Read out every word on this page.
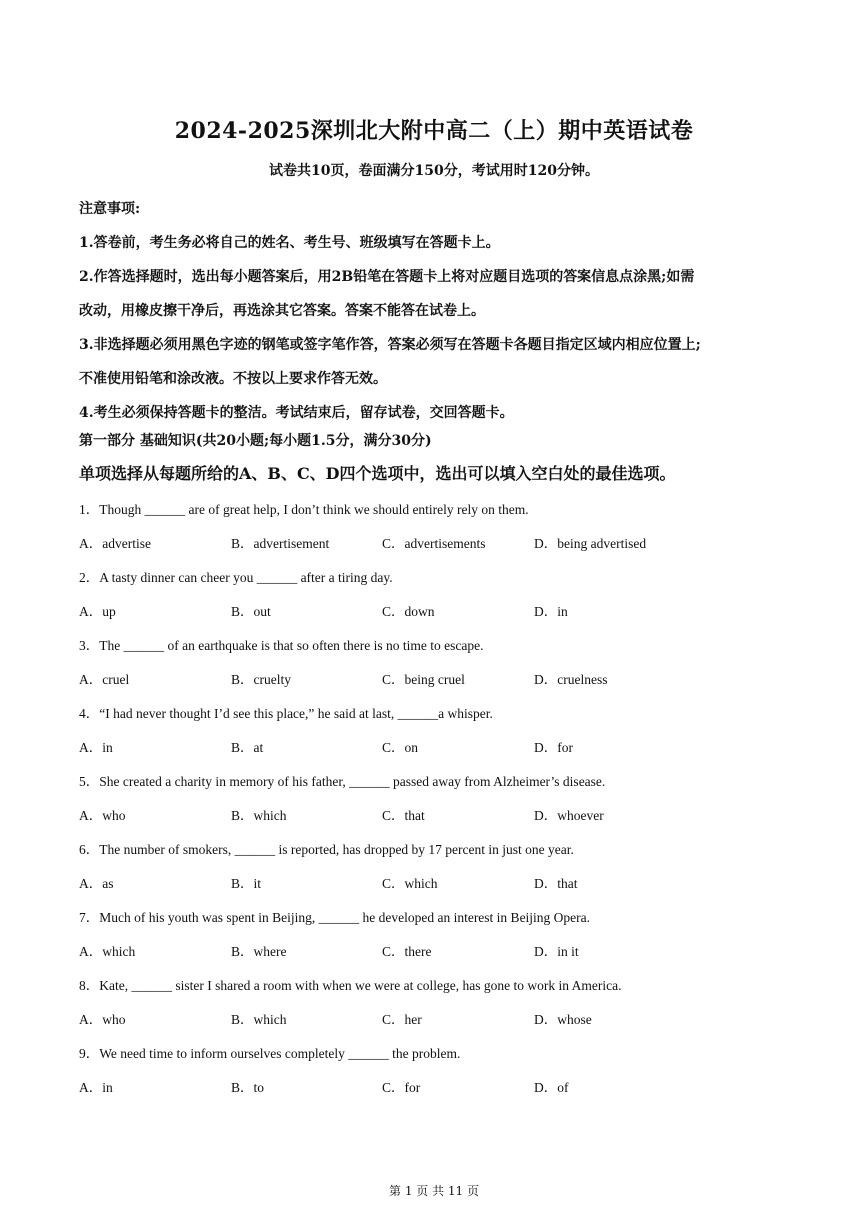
2024-2025深圳北大附中高二（上）期中英语试卷
试卷共10页，卷面满分150分，考试用时120分钟。

注意事项:

1.答卷前，考生务必将自己的姓名、考生号、班级填写在答题卡上。

2.作答选择题时，选出每小题答案后，用2B铅笔在答题卡上将对应题目选项的答案信息点涂黑;如需

改动，用橡皮擦干净后，再选涂其它答案。答案不能答在试卷上。

3.非选择题必须用黑色字迹的钢笔或签字笔作答，答案必须写在答题卡各题目指定区域内相应位置上;

不准使用铅笔和涂改液。不按以上要求作答无效。

4.考生必须保持答题卡的整洁。考试结束后，留存试卷，交回答题卡。

第一部分 基础知识(共20小题;每小题1.5分，满分30分)
单项选择从每题所给的A、B、C、D四个选项中，选出可以填入空白处的最佳选项。
1．Though ______ are of great help, I don’t think we should entirely rely on them.
A．advertise	B．advertisement	C．advertisements	D．being advertised
2．A tasty dinner can cheer you ______ after a tiring day.
A．up	B．out	C．down	D．in
3．The ______ of an earthquake is that so often there is no time to escape.
A．cruel	B．cruelty	C．being cruel	D．cruelness
4．“I had never thought I’d see this place,” he said at last, ______a whisper.
A．in	B．at	C．on	D．for
5．She created a charity in memory of his father, ______ passed away from Alzheimer’s disease.
A．who	B．which	C．that	D．whoever
6．The number of smokers, ______ is reported, has dropped by 17 percent in just one year.
A．as	B．it	C．which	D．that
7．Much of his youth was spent in Beijing, ______ he developed an interest in Beijing Opera.
A．which	B．where	C．there	D．in it
8．Kate, ______ sister I shared a room with when we were at college, has gone to work in America.
A．who	B．which	C．her	D．whose
9．We need time to inform ourselves completely ______ the problem.
A．in	B．to	C．for	D．of
第 1 页 共 11 页
